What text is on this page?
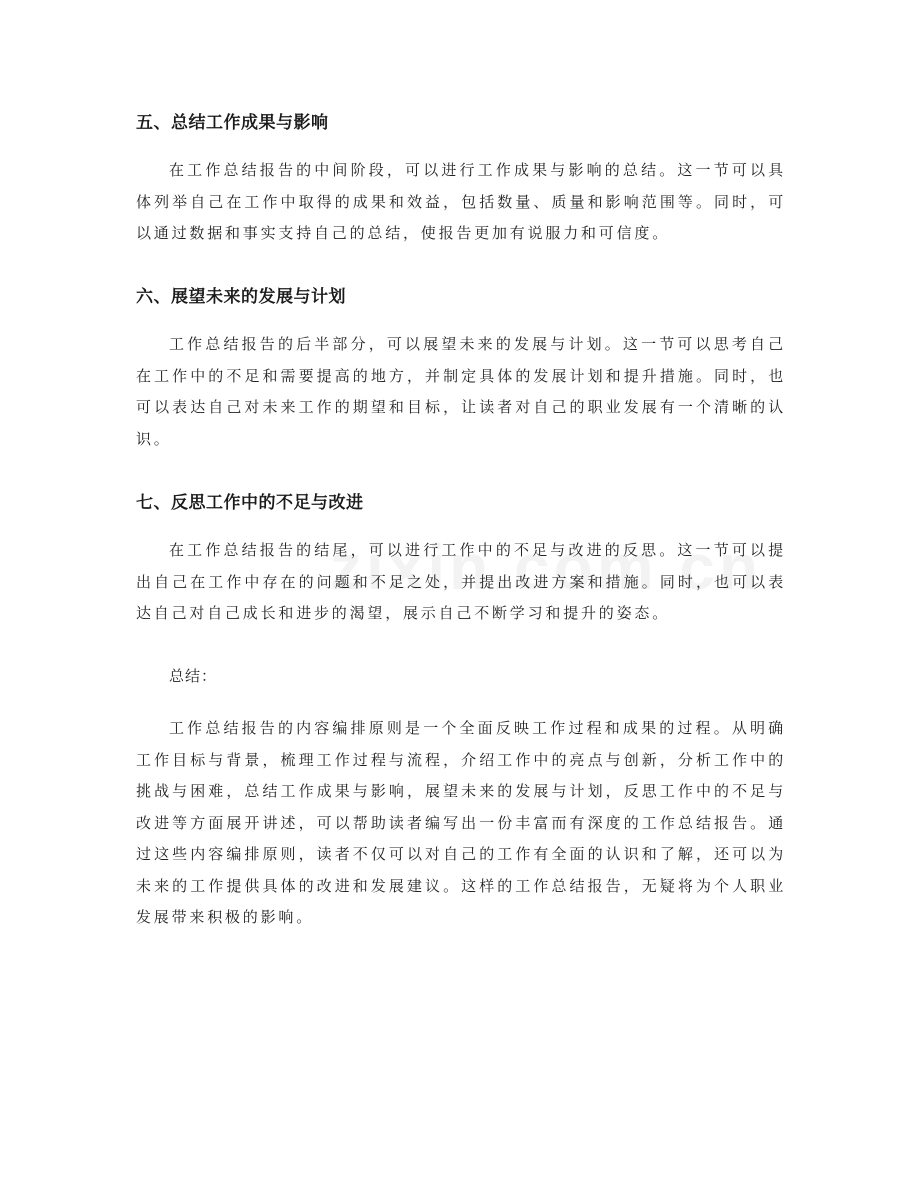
五、总结工作成果与影响
在工作总结报告的中间阶段，可以进行工作成果与影响的总结。这一节可以具体列举自己在工作中取得的成果和效益，包括数量、质量和影响范围等。同时，可以通过数据和事实支持自己的总结，使报告更加有说服力和可信度。
六、展望未来的发展与计划
工作总结报告的后半部分，可以展望未来的发展与计划。这一节可以思考自己在工作中的不足和需要提高的地方，并制定具体的发展计划和提升措施。同时，也可以表达自己对未来工作的期望和目标，让读者对自己的职业发展有一个清晰的认识。
七、反思工作中的不足与改进
在工作总结报告的结尾，可以进行工作中的不足与改进的反思。这一节可以提出自己在工作中存在的问题和不足之处，并提出改进方案和措施。同时，也可以表达自己对自己成长和进步的渴望，展示自己不断学习和提升的姿态。
总结：
工作总结报告的内容编排原则是一个全面反映工作过程和成果的过程。从明确工作目标与背景，梳理工作过程与流程，介绍工作中的亮点与创新，分析工作中的挑战与困难，总结工作成果与影响，展望未来的发展与计划，反思工作中的不足与改进等方面展开讲述，可以帮助读者编写出一份丰富而有深度的工作总结报告。通过这些内容编排原则，读者不仅可以对自己的工作有全面的认识和了解，还可以为未来的工作提供具体的改进和发展建议。这样的工作总结报告，无疑将为个人职业发展带来积极的影响。
